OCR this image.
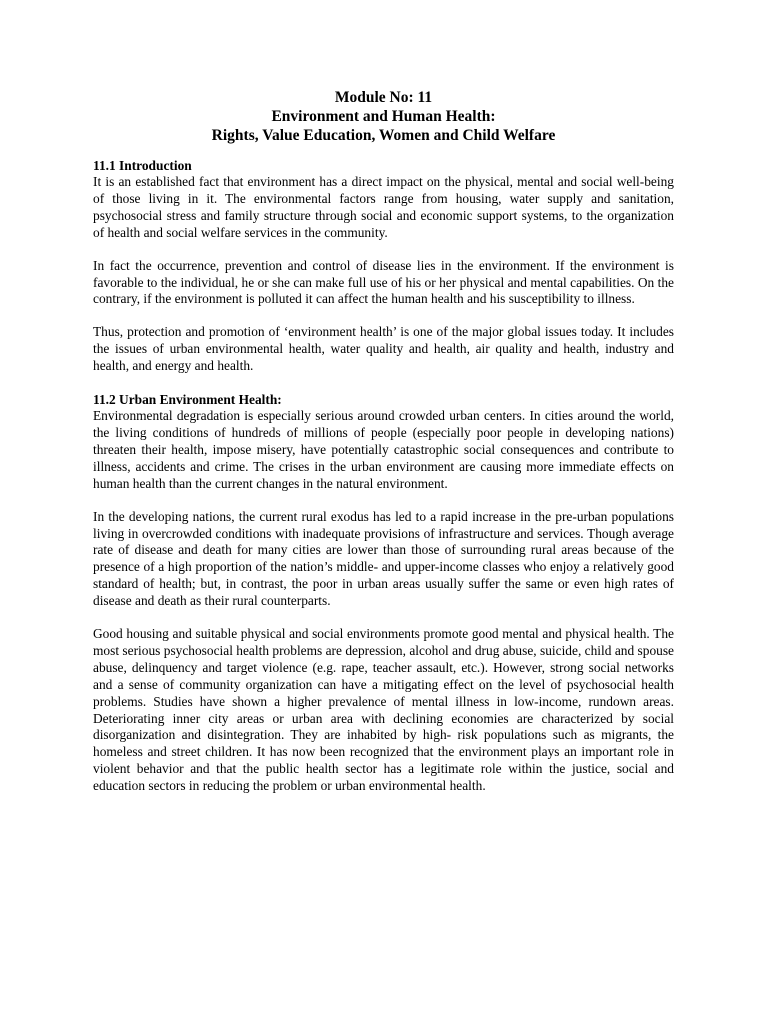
Module No: 11
Environment and Human Health:
Rights, Value Education, Women and Child Welfare

11.1 Introduction

It is an established fact that environment has a direct impact on the physical, mental and social well-being of those living in it. The environmental factors range from housing, water supply and sanitation, psychosocial stress and family structure through social and economic support systems, to the organization of health and social welfare services in the community.

In fact the occurrence, prevention and control of disease lies in the environment. If the environment is favorable to the individual, he or she can make full use of his or her physical and mental capabilities. On the contrary, if the environment is polluted it can affect the human health and his susceptibility to illness.

Thus, protection and promotion of ‘environment health’ is one of the major global issues today. It includes the issues of urban environmental health, water quality and health, air quality and health, industry and health, and energy and health.

11.2 Urban Environment Health:

Environmental degradation is especially serious around crowded urban centers. In cities around the world, the living conditions of hundreds of millions of people (especially poor people in developing nations) threaten their health, impose misery, have potentially catastrophic social consequences and contribute to illness, accidents and crime. The crises in the urban environment are causing more immediate effects on human health than the current changes in the natural environment.

In the developing nations, the current rural exodus has led to a rapid increase in the pre-urban populations living in overcrowded conditions with inadequate provisions of infrastructure and services. Though average rate of disease and death for many cities are lower than those of surrounding rural areas because of the presence of a high proportion of the nation’s middle- and upper-income classes who enjoy a relatively good standard of health; but, in contrast, the poor in urban areas usually suffer the same or even high rates of disease and death as their rural counterparts.

Good housing and suitable physical and social environments promote good mental and physical health. The most serious psychosocial health problems are depression, alcohol and drug abuse, suicide, child and spouse abuse, delinquency and target violence (e.g. rape, teacher assault, etc.). However, strong social networks and a sense of community organization can have a mitigating effect on the level of psychosocial health problems. Studies have shown a higher prevalence of mental illness in low-income, rundown areas. Deteriorating inner city areas or urban area with declining economies are characterized by social disorganization and disintegration. They are inhabited by high- risk populations such as migrants, the homeless and street children. It has now been recognized that the environment plays an important role in violent behavior and that the public health sector has a legitimate role within the justice, social and education sectors in reducing the problem or urban environmental health.
